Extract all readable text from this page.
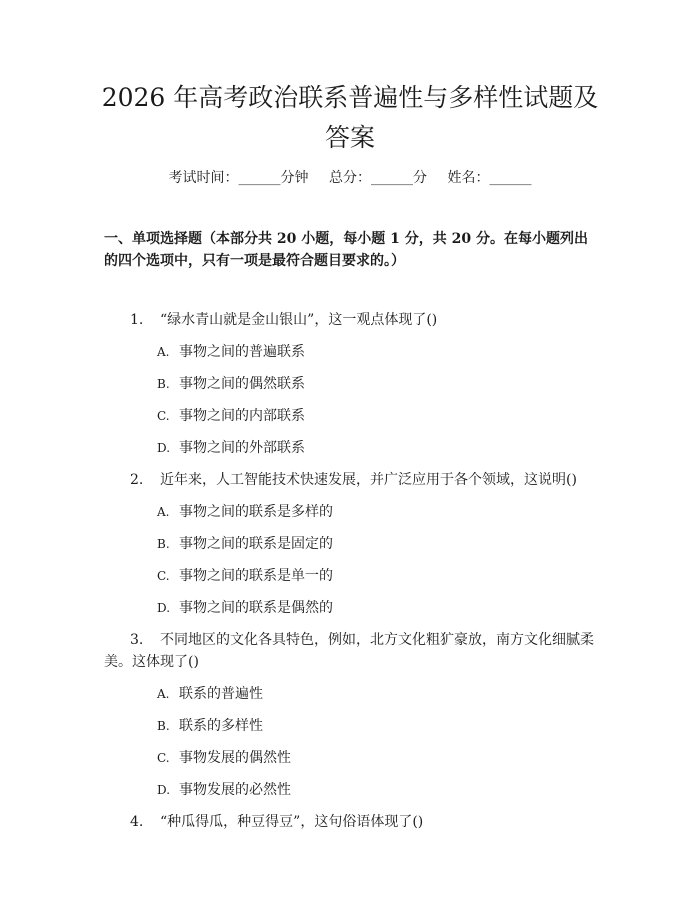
2026 年高考政治联系普遍性与多样性试题及答案
考试时间：______分钟 总分：______分 姓名：______
一、单项选择题（本部分共 20 小题，每小题 1 分，共 20 分。在每小题列出的四个选项中，只有一项是最符合题目要求的。）
1. “绿水青山就是金山银山”，这一观点体现了()
A. 事物之间的普遍联系
B. 事物之间的偶然联系
C. 事物之间的内部联系
D. 事物之间的外部联系
2. 近年来，人工智能技术快速发展，并广泛应用于各个领域，这说明()
A. 事物之间的联系是多样的
B. 事物之间的联系是固定的
C. 事物之间的联系是单一的
D. 事物之间的联系是偶然的
3. 不同地区的文化各具特色，例如，北方文化粗犷豪放，南方文化细腻柔美。这体现了()
A. 联系的普遍性
B. 联系的多样性
C. 事物发展的偶然性
D. 事物发展的必然性
4. “种瓜得瓜，种豆得豆”，这句俗语体现了()
